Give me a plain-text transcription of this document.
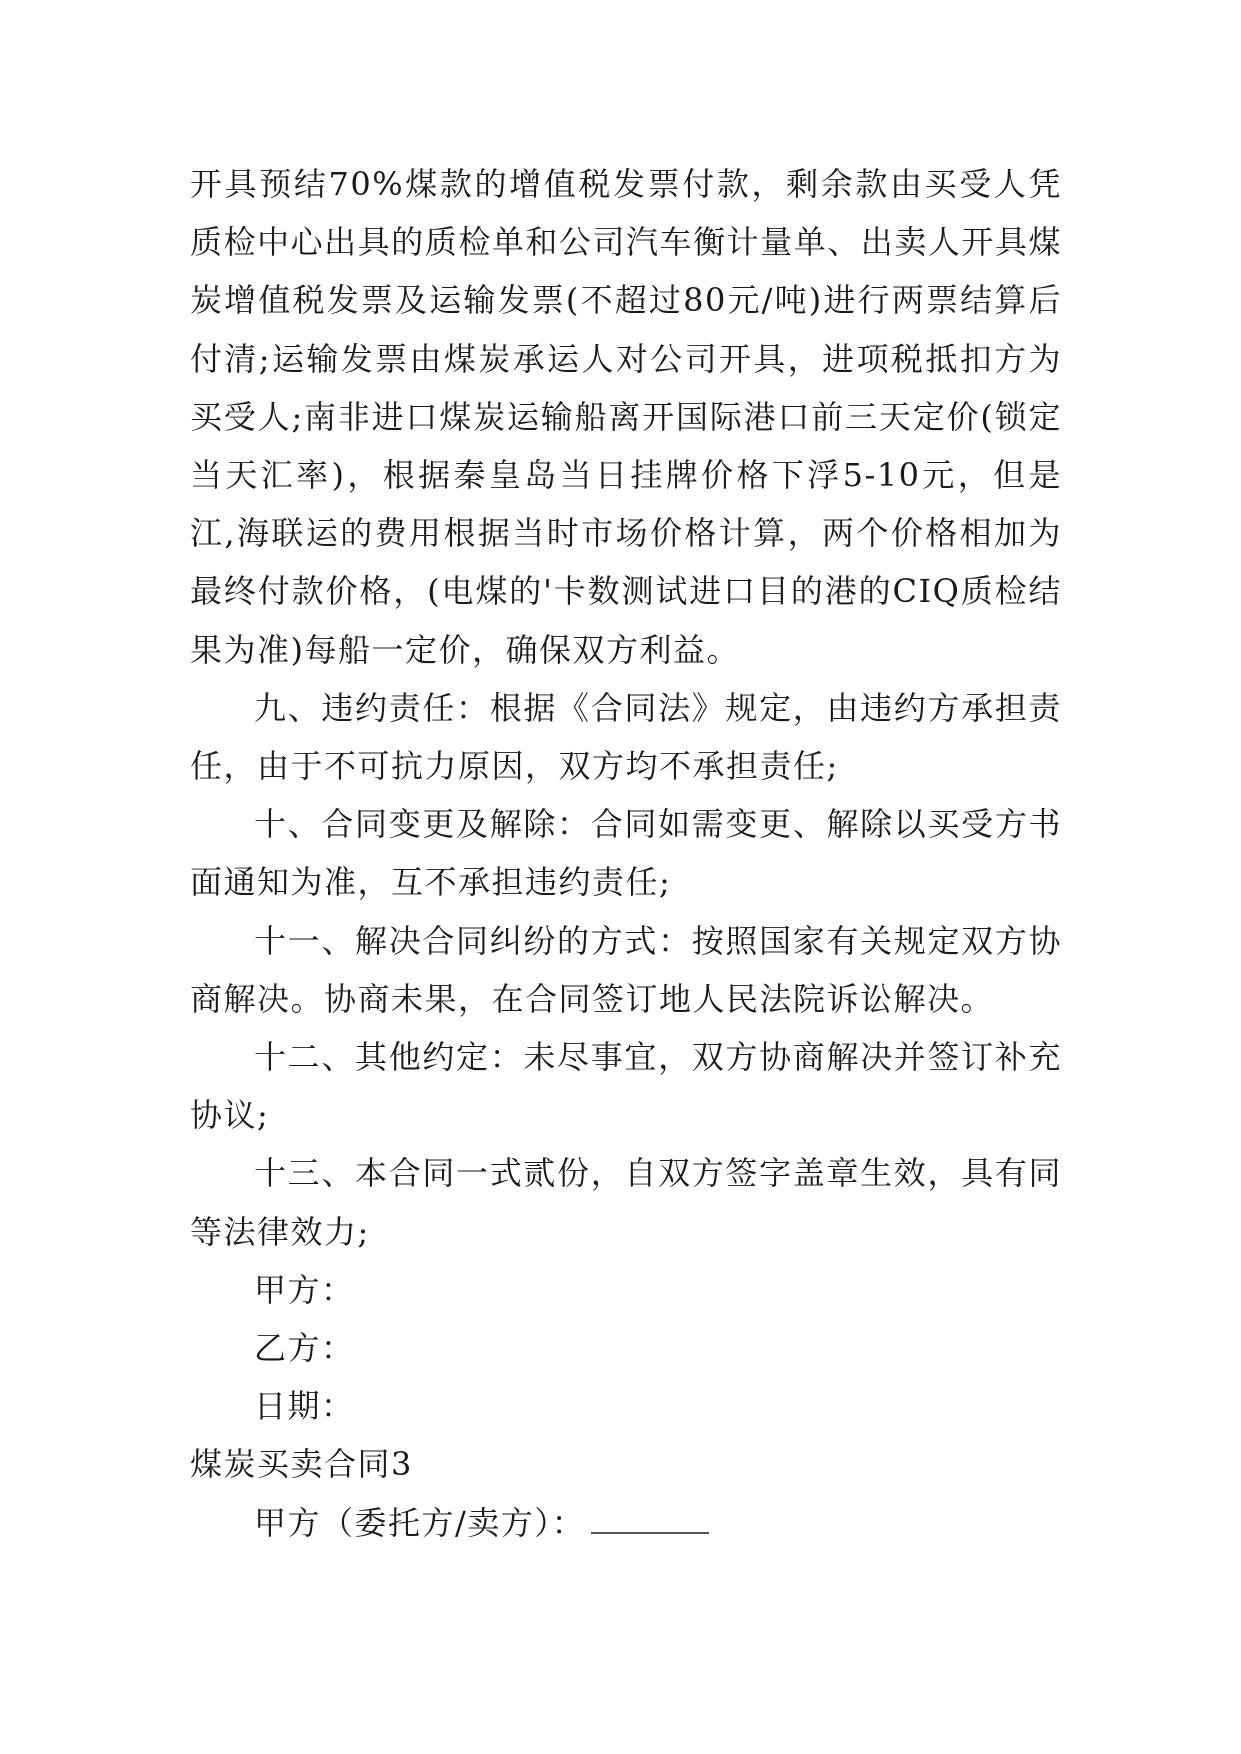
开具预结70%煤款的增值税发票付款，剩余款由买受人凭质检中心出具的质检单和公司汽车衡计量单、出卖人开具煤炭增值税发票及运输发票(不超过80元/吨)进行两票结算后付清;运输发票由煤炭承运人对公司开具，进项税抵扣方为买受人;南非进口煤炭运输船离开国际港口前三天定价(锁定当天汇率)，根据秦皇岛当日挂牌价格下浮5-10元，但是江,海联运的费用根据当时市场价格计算，两个价格相加为最终付款价格，(电煤的'卡数测试进口目的港的CIQ质检结果为准)每船一定价，确保双方利益。

九、违约责任：根据《合同法》规定，由违约方承担责任，由于不可抗力原因，双方均不承担责任;

十、合同变更及解除：合同如需变更、解除以买受方书面通知为准，互不承担违约责任;

十一、解决合同纠纷的方式：按照国家有关规定双方协商解决。协商未果，在合同签订地人民法院诉讼解决。

十二、其他约定：未尽事宜，双方协商解决并签订补充协议;

十三、本合同一式贰份，自双方签字盖章生效，具有同等法律效力;

甲方：

乙方：

日期：

煤炭买卖合同3

甲方（委托方/卖方）：
